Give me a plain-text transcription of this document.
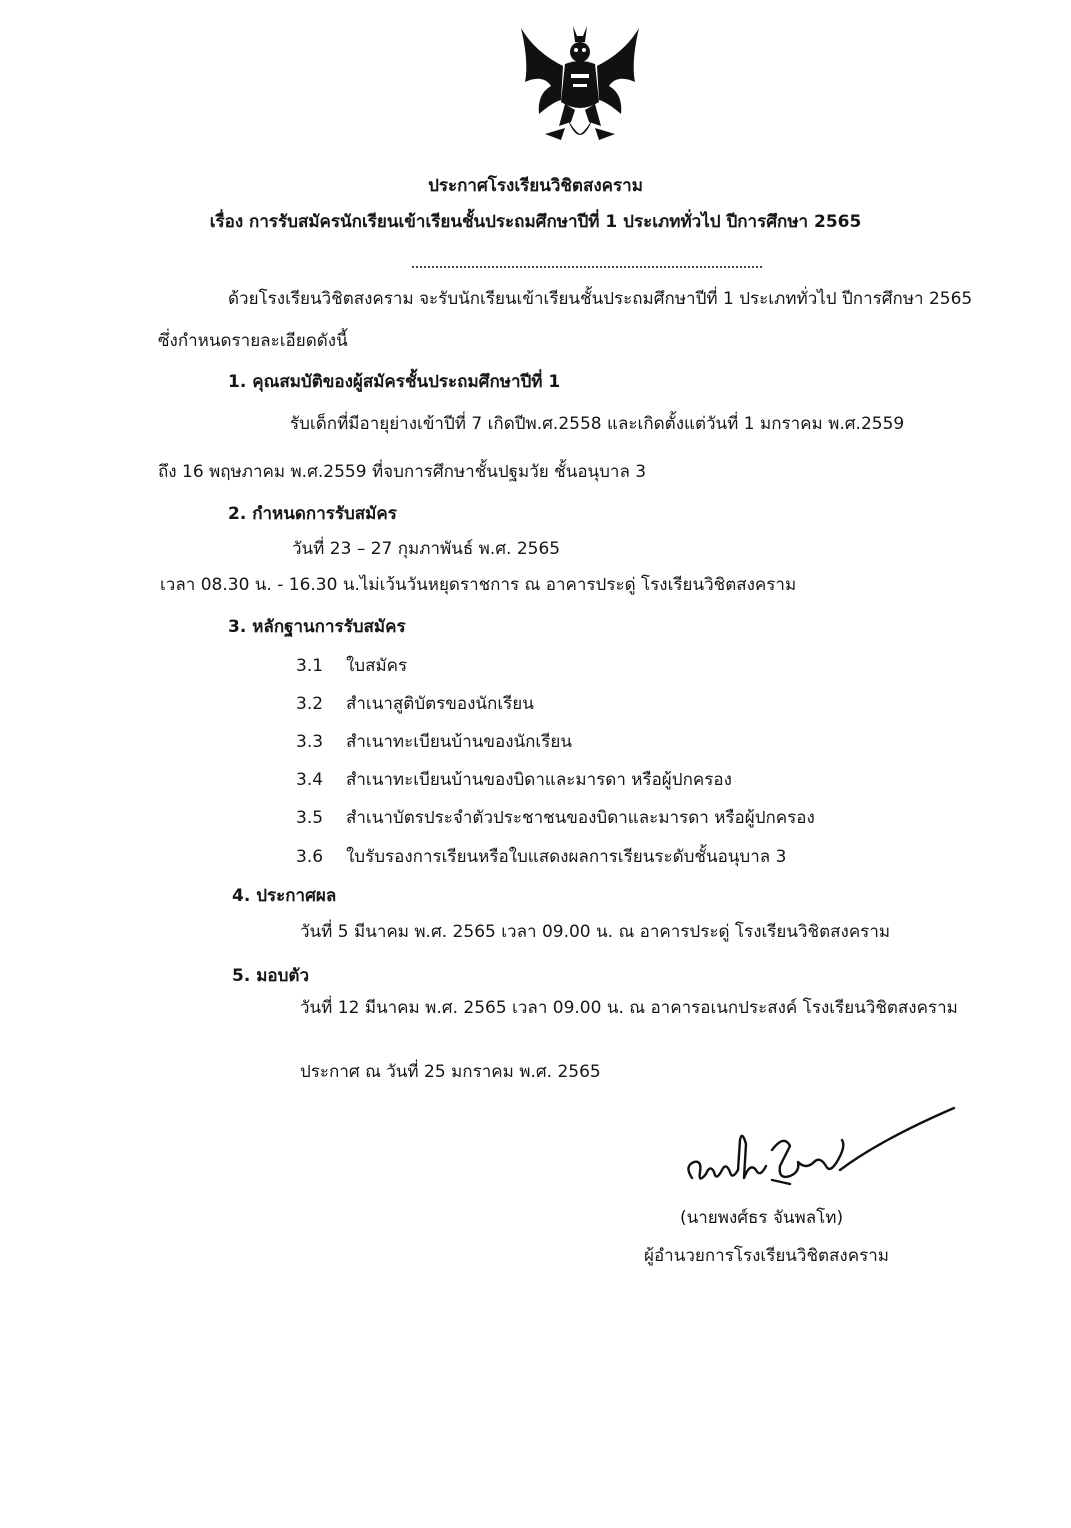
ประกาศโรงเรียนวิชิตสงคราม
เรื่อง การรับสมัครนักเรียนเข้าเรียนชั้นประถมศึกษาปีที่ 1 ประเภททั่วไป ปีการศึกษา 2565
ด้วยโรงเรียนวิชิตสงคราม จะรับนักเรียนเข้าเรียนชั้นประถมศึกษาปีที่ 1 ประเภททั่วไป ปีการศึกษา 2565
ซึ่งกำหนดรายละเอียดดังนี้
1. คุณสมบัติของผู้สมัครชั้นประถมศึกษาปีที่ 1
รับเด็กที่มีอายุย่างเข้าปีที่ 7 เกิดปีพ.ศ.2558 และเกิดตั้งแต่วันที่ 1 มกราคม พ.ศ.2559
ถึง 16 พฤษภาคม พ.ศ.2559 ที่จบการศึกษาชั้นปฐมวัย ชั้นอนุบาล 3
2. กำหนดการรับสมัคร
วันที่ 23 – 27 กุมภาพันธ์ พ.ศ. 2565
เวลา 08.30 น. - 16.30 น.ไม่เว้นวันหยุดราชการ ณ อาคารประดู่ โรงเรียนวิชิตสงคราม
3. หลักฐานการรับสมัคร
3.1 ใบสมัคร
3.2 สำเนาสูติบัตรของนักเรียน
3.3 สำเนาทะเบียนบ้านของนักเรียน
3.4 สำเนาทะเบียนบ้านของบิดาและมารดา หรือผู้ปกครอง
3.5 สำเนาบัตรประจำตัวประชาชนของบิดาและมารดา หรือผู้ปกครอง
3.6 ใบรับรองการเรียนหรือใบแสดงผลการเรียนระดับชั้นอนุบาล 3
4. ประกาศผล
วันที่ 5 มีนาคม พ.ศ. 2565 เวลา 09.00 น. ณ อาคารประดู่ โรงเรียนวิชิตสงคราม
5. มอบตัว
วันที่ 12 มีนาคม พ.ศ. 2565 เวลา 09.00 น. ณ อาคารอเนกประสงค์ โรงเรียนวิชิตสงคราม
ประกาศ ณ วันที่ 25 มกราคม พ.ศ. 2565
(นายพงศ์ธร จันพลโท)
ผู้อำนวยการโรงเรียนวิชิตสงคราม
